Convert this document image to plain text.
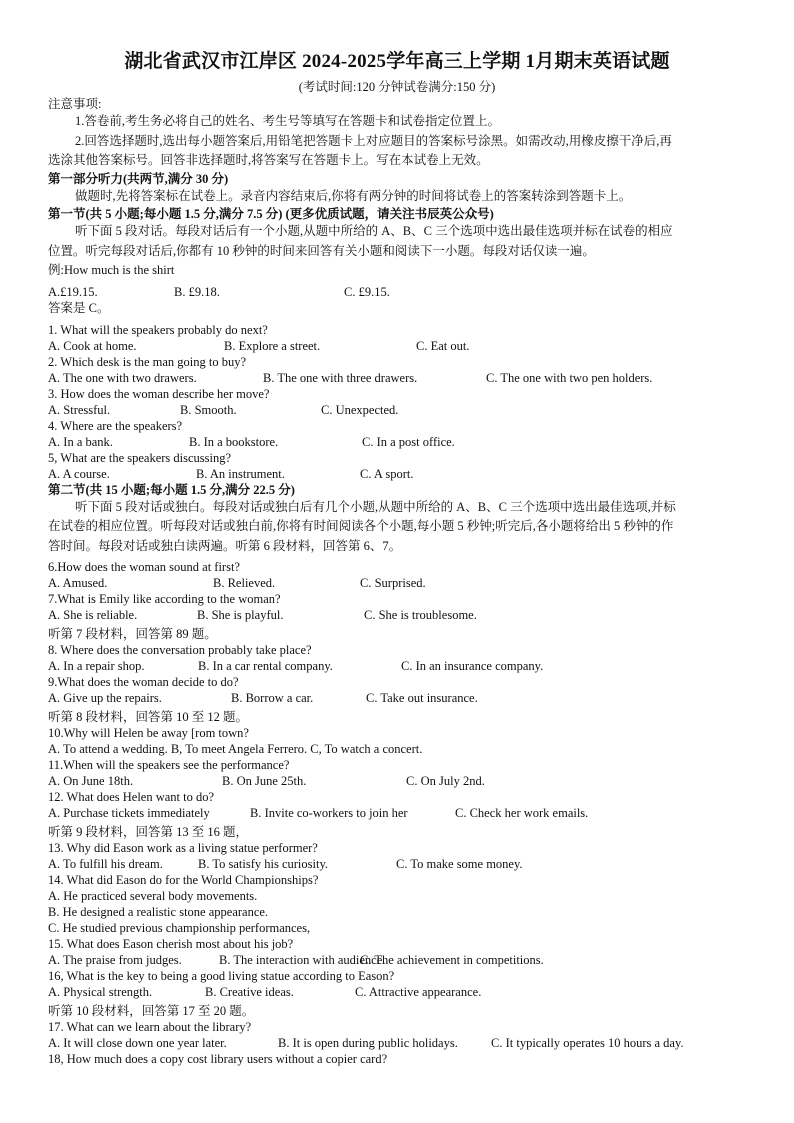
湖北省武汉市江岸区 2024-2025学年高三上学期 1月期末英语试题
(考试时间:120 分钟试卷满分:150 分)
注意事项:
1.答卷前,考生务必将自己的姓名、考生号等填写在答题卡和试卷指定位置上。
2.回答选择题时,选出每小题答案后,用铅笔把答题卡上对应题目的答案标号涂黑。如需改动,用橡皮擦干净后,再
选涂其他答案标号。回答非选择题时,将答案写在答题卡上。写在本试卷上无效。
第一部分听力(共两节,满分 30 分)
做题时,先将答案标在试卷上。录音内容结束后,你将有两分钟的时间将试卷上的答案转涂到答题卡上。
第一节(共 5 小题;每小题 1.5 分,满分 7.5 分) (更多优质试题，请关注书辰英公众号)
听下面 5 段对话。每段对话后有一个小题,从题中所给的 A、B、C 三个选项中选出最佳选项并标在试卷的相应
位置。听完每段对话后,你都有 10 秒钟的时间来回答有关小题和阅读下一小题。每段对话仅读一遍。
例:How much is the shirt
A.£19.15.	B. £9.18.	C. £9.15.
答案是 C。
1. What will the speakers probably do next?
A. Cook at home.	B. Explore a street.	C. Eat out.
2. Which desk is the man going to buy?
A. The one with two drawers.	B. The one with three drawers.	C. The one with two pen holders.
3. How does the woman describe her move?
A. Stressful.	B. Smooth.	C. Unexpected.
4. Where are the speakers?
A. In a bank.	B. In a bookstore.	C. In a post office.
5, What are the speakers discussing?
A. A course.	B. An instrument.	C. A sport.
第二节(共 15 小题;每小题 1.5 分,满分 22.5 分)
听下面 5 段对话或独白。每段对话或独白后有几个小题,从题中所给的 A、B、C 三个选项中选出最佳选项,并标
在试卷的相应位置。听每段对话或独白前,你将有时间阅读各个小题,每小题 5 秒钟;听完后,各小题将给出 5 秒钟的作
答时间。每段对话或独白读两遍。听第 6 段材料，回答第 6、7。
6.How does the woman sound at first?
A. Amused.	B. Relieved.	C. Surprised.
7.What is Emily like according to the woman?
A. She is reliable.	B. She is playful.	C. She is troublesome.
听第 7 段材料，回答第 89 题。
8. Where does the conversation probably take place?
A. In a repair shop.	B. In a car rental company.	C. In an insurance company.
9.What does the woman decide to do?
A. Give up the repairs.	B. Borrow a car.	C. Take out insurance.
听第 8 段材料，回答第 10 至 12 题。
10.Why will Helen be away [rom town?
A. To attend a wedding. B, To meet Angela Ferrero. C, To watch a concert.
11.When will the speakers see the performance?
A. On June 18th.	B. On June 25th.	C. On July 2nd.
12. What does Helen want to do?
A. Purchase tickets immediately	B. Invite co-workers to join her	C. Check her work emails.
听第 9 段材料，回答第 13 至 16 题，
13. Why did Eason work as a living statue performer?
A. To fulfill his dream.	B. To satisfy his curiosity.	C. To make some money.
14. What did Eason do for the World Championships?
A. He practiced several body movements.
B. He designed a realistic stone appearance.
C. He studied previous championship performances,
15. What does Eason cherish most about his job?
A. The praise from judges.	B. The interaction with audience.
C. The achievement in competitions.
16, What is the key to being a good living statue according to Eason?
A. Physical strength.	B. Creative ideas.	C. Attractive appearance.
听第 10 段材料，回答第 17 至 20 题。
17. What can we learn about the library?
A. It will close down one year later.	B. It is open during public holidays.	C. It typically operates 10 hours a day.
18, How much does a copy cost library users without a copier card?
